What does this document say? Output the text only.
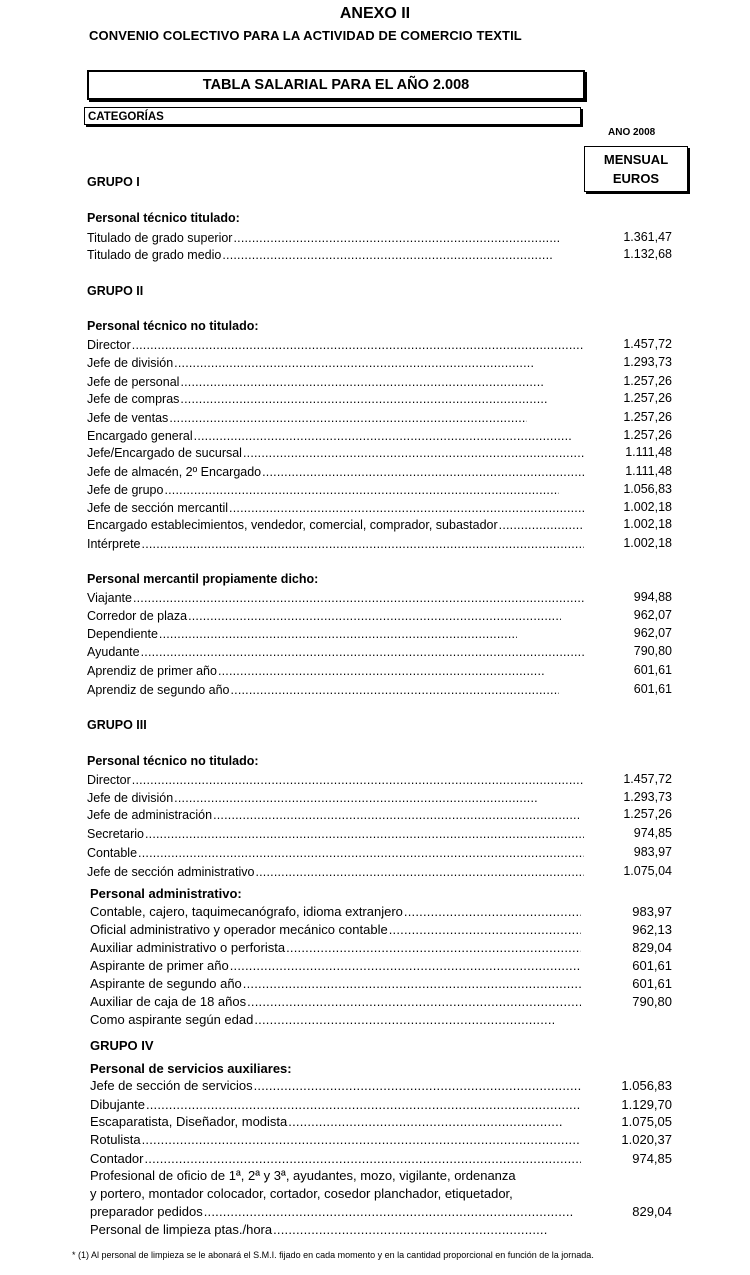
ANEXO II
CONVENIO COLECTIVO PARA LA ACTIVIDAD DE COMERCIO TEXTIL
TABLA SALARIAL PARA EL AÑO 2.008
CATEGORÍAS
ANO 2008
MENSUAL
EUROS
GRUPO I
Personal técnico titulado:
Titulado de grado superior .....	1.361,47
Titulado de grado medio .....	1.132,68
GRUPO II
Personal técnico no titulado:
Director .....	1.457,72
Jefe de división .....	1.293,73
Jefe de personal .....	1.257,26
Jefe de compras .....	1.257,26
Jefe de ventas .....	1.257,26
Encargado general .....	1.257,26
Jefe/Encargado de sucursal .....	1.111,48
Jefe de almacén, 2º Encargado .....	1.111,48
Jefe de grupo .....	1.056,83
Jefe de sección mercantil .....	1.002,18
Encargado establecimientos, vendedor, comercial, comprador, subastador .....	1.002,18
Intérprete .....	1.002,18
Personal mercantil propiamente dicho:
Viajante .....	994,88
Corredor de plaza .....	962,07
Dependiente .....	962,07
Ayudante .....	790,80
Aprendiz de primer año .....	601,61
Aprendiz de segundo año .....	601,61
GRUPO III
Personal técnico no titulado:
Director .....	1.457,72
Jefe de división .....	1.293,73
Jefe de administración .....	1.257,26
Secretario .....	974,85
Contable .....	983,97
Jefe de sección administrativo .....	1.075,04
Personal administrativo:
Contable, cajero, taquimecanógrafo, idioma extranjero .....	983,97
Oficial administrativo y operador mecánico contable .....	962,13
Auxiliar administrativo o perforista .....	829,04
Aspirante de primer año .....	601,61
Aspirante de segundo año .....	601,61
Auxiliar de caja de 18 años .....	790,80
Como aspirante según edad .....
GRUPO IV
Personal de servicios auxiliares:
Jefe de sección de servicios .....	1.056,83
Dibujante .....	1.129,70
Escaparatista, Diseñador, modista .....	1.075,05
Rotulista .....	1.020,37
Contador .....	974,85
Profesional de oficio de 1ª, 2ª y 3ª, ayudantes, mozo, vigilante, ordenanza
y portero, montador colocador, cortador, cosedor planchador, etiquetador,
preparador pedidos .....	829,04
Personal de limpieza ptas./hora .....
* (1) Al personal de limpieza se le abonará el S.M.I. fijado en cada momento y en la cantidad proporcional en función de la jornada.
